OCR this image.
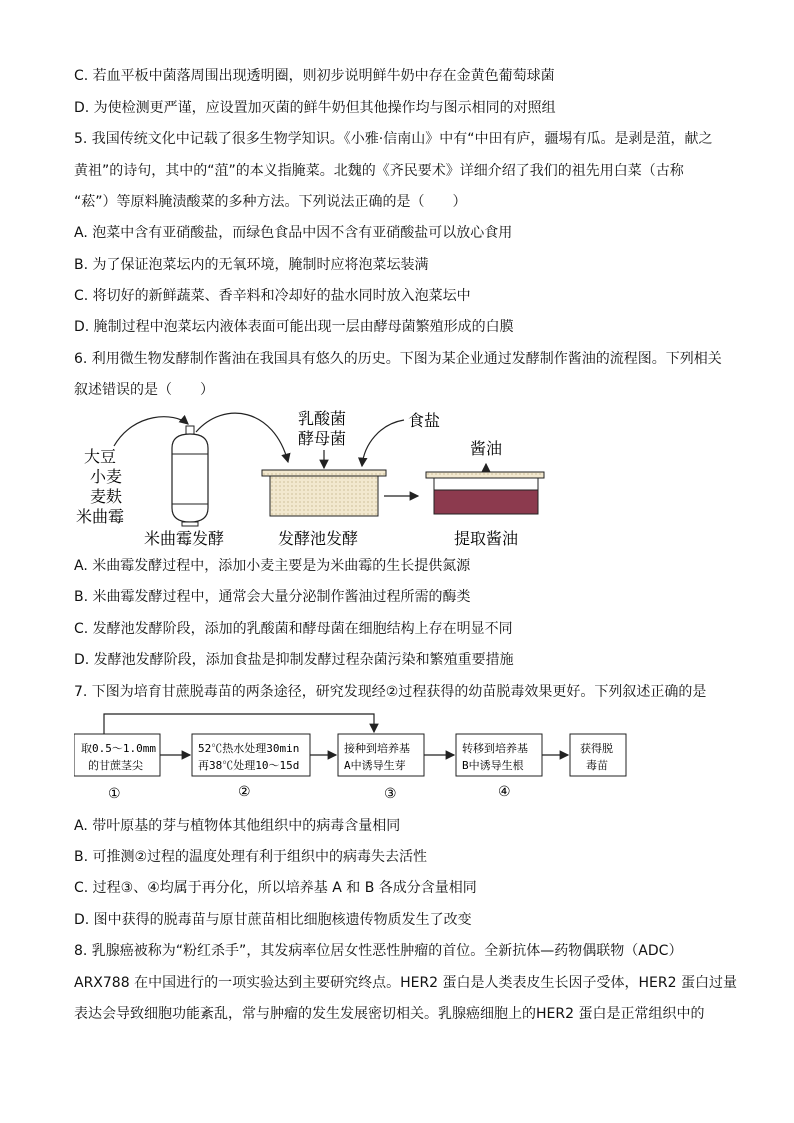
C. 若血平板中菌落周围出现透明圈，则初步说明鲜牛奶中存在金黄色葡萄球菌
D. 为使检测更严谨，应设置加灭菌的鲜牛奶但其他操作均与图示相同的对照组
5. 我国传统文化中记载了很多生物学知识。《小雅·信南山》中有“中田有庐，疆埸有瓜。是剥是菹，献之
黄祖”的诗句，其中的“菹”的本义指腌菜。北魏的《齐民要术》详细介绍了我们的祖先用白菜（古称
“菘”）等原料腌渍酸菜的多种方法。下列说法正确的是（　　）
A. 泡菜中含有亚硝酸盐，而绿色食品中因不含有亚硝酸盐可以放心食用
B. 为了保证泡菜坛内的无氧环境，腌制时应将泡菜坛装满
C. 将切好的新鲜蔬菜、香辛料和冷却好的盐水同时放入泡菜坛中
D. 腌制过程中泡菜坛内液体表面可能出现一层由酵母菌繁殖形成的白膜
6. 利用微生物发酵制作酱油在我国具有悠久的历史。下图为某企业通过发酵制作酱油的流程图。下列相关
叙述错误的是（　　）
大豆
小麦
麦麸
米曲霉
乳酸菌
酵母菌
食盐
酱油
米曲霉发酵	发酵池发酵	提取酱油
A. 米曲霉发酵过程中，添加小麦主要是为米曲霉的生长提供氮源
B. 米曲霉发酵过程中，通常会大量分泌制作酱油过程所需的酶类
C. 发酵池发酵阶段，添加的乳酸菌和酵母菌在细胞结构上存在明显不同
D. 发酵池发酵阶段，添加食盐是抑制发酵过程杂菌污染和繁殖重要措施
7. 下图为培育甘蔗脱毒苗的两条途径，研究发现经②过程获得的幼苗脱毒效果更好。下列叙述正确的是
取0.5～1.0mm
的甘蔗茎尖
52℃热水处理30min
再38℃处理10～15d
接种到培养基
A中诱导生芽
转移到培养基
B中诱导生根
获得脱
毒苗
①	②	③	④
A. 带叶原基的芽与植物体其他组织中的病毒含量相同
B. 可推测②过程的温度处理有利于组织中的病毒失去活性
C. 过程③、④均属于再分化，所以培养基 A 和 B 各成分含量相同
D. 图中获得的脱毒苗与原甘蔗苗相比细胞核遗传物质发生了改变
8. 乳腺癌被称为“粉红杀手”，其发病率位居女性恶性肿瘤的首位。全新抗体—药物偶联物（ADC）
ARX788 在中国进行的一项实验达到主要研究终点。HER2 蛋白是人类表皮生长因子受体，HER2 蛋白过量
表达会导致细胞功能紊乱，常与肿瘤的发生发展密切相关。乳腺癌细胞上的HER2 蛋白是正常组织中的
